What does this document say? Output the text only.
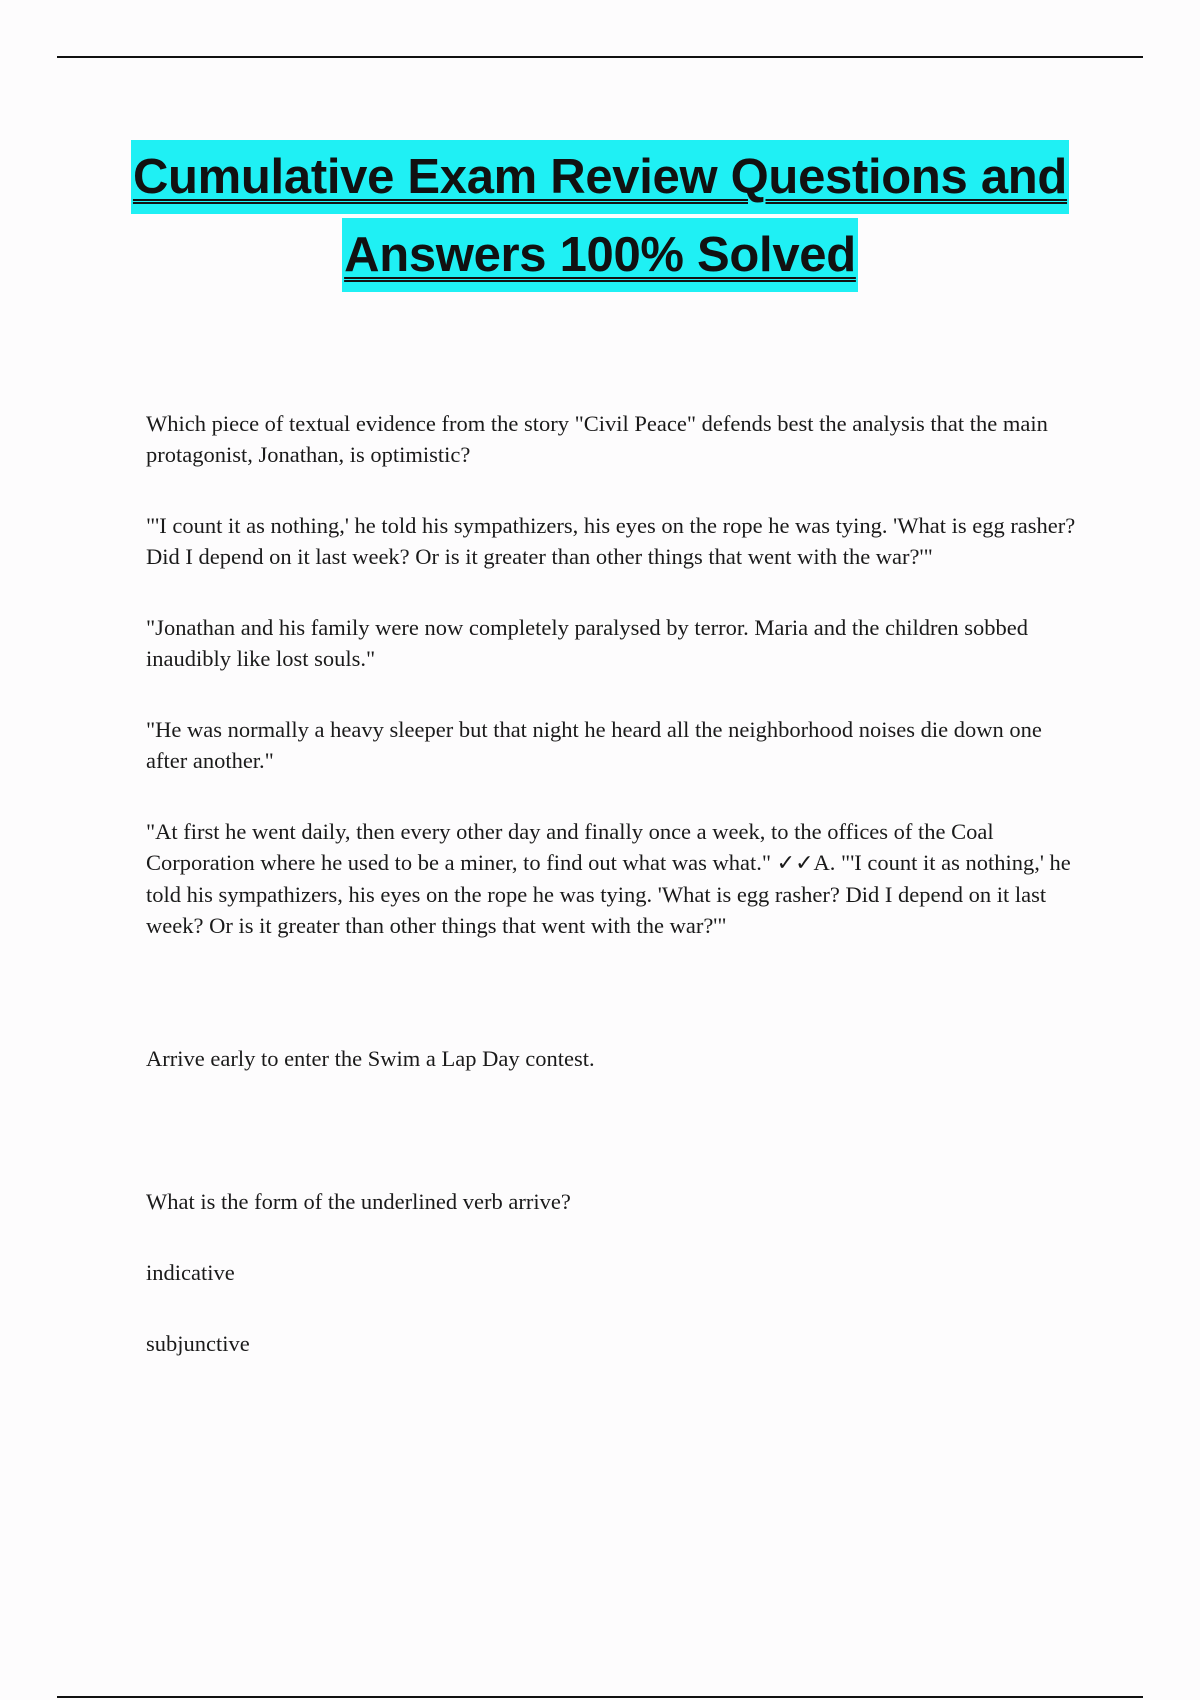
Cumulative Exam Review Questions and
Answers 100% Solved

Which piece of textual evidence from the story "Civil Peace" defends best the analysis that the main protagonist, Jonathan, is optimistic?

"'I count it as nothing,' he told his sympathizers, his eyes on the rope he was tying. 'What is egg rasher? Did I depend on it last week? Or is it greater than other things that went with the war?'"

"Jonathan and his family were now completely paralysed by terror. Maria and the children sobbed inaudibly like lost souls."

"He was normally a heavy sleeper but that night he heard all the neighborhood noises die down one after another."

"At first he went daily, then every other day and finally once a week, to the offices of the Coal Corporation where he used to be a miner, to find out what was what." ✓✓A. "'I count it as nothing,' he told his sympathizers, his eyes on the rope he was tying. 'What is egg rasher? Did I depend on it last week? Or is it greater than other things that went with the war?'"

Arrive early to enter the Swim a Lap Day contest.

What is the form of the underlined verb arrive?

indicative

subjunctive
